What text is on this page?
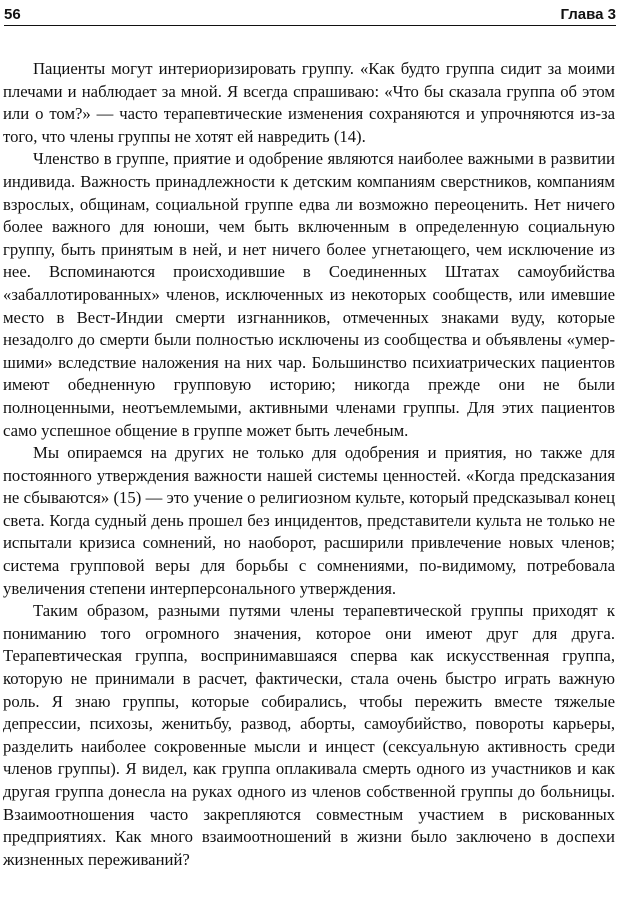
56	Глава 3

Пациенты могут интериоризировать группу. «Как будто группа сидит за моими плечами и наблюдает за мной. Я всегда спрашиваю: «Что бы сказала группа об этом или о том?» — часто терапевтические изменения сохраняются и упрочняются из-за того, что члены группы не хотят ей навредить (14).

Членство в группе, приятие и одобрение являются наиболее важными в развитии индивида. Важность принадлежности к детским компаниям сверстников, компаниям взрослых, общинам, социальной группе едва ли возможно переоценить. Нет ничего более важного для юноши, чем быть включенным в определенную социальную группу, быть принятым в ней, и нет ничего более угнетающего, чем исключение из нее. Вспоминаются происходившие в Соединенных Штатах самоубийства «забаллотированных» членов, исключенных из некоторых сообществ, или имевшие место в Вест-Индии смерти изгнанников, отмеченных знаками вуду, которые незадолго до смерти были полностью исключены из сообщества и объявлены «умершими» вследствие наложения на них чар. Большинство психиатрических пациентов имеют обедненную групповую историю; никогда прежде они не были полноценными, неотъемлемыми, активными членами группы. Для этих пациентов само успешное общение в группе может быть лечебным.

Мы опираемся на других не только для одобрения и приятия, но также для постоянного утверждения важности нашей системы ценностей. «Когда предсказания не сбываются» (15) — это учение о религиозном культе, который предсказывал конец света. Когда судный день прошел без инцидентов, представители культа не только не испытали кризиса сомнений, но наоборот, расширили привлечение новых членов; система групповой веры для борьбы с сомнениями, по-видимому, потребовала увеличения степени интерперсонального утверждения.

Таким образом, разными путями члены терапевтической группы приходят к пониманию того огромного значения, которое они имеют друг для друга. Терапевтическая группа, воспринимавшаяся сперва как искусственная группа, которую не принимали в расчет, фактически, стала очень быстро играть важную роль. Я знаю группы, которые собирались, чтобы пережить вместе тяжелые депрессии, психозы, женитьбу, развод, аборты, самоубийство, повороты карьеры, разделить наиболее сокровенные мысли и инцест (сексуальную активность среди членов группы). Я видел, как группа оплакивала смерть одного из участников и как другая группа донесла на руках одного из членов собственной группы до больницы. Взаимоотношения часто закрепляются совместным участием в рискованных предприятиях. Как много взаимоотношений в жизни было заключено в доспехи жизненных переживаний?
